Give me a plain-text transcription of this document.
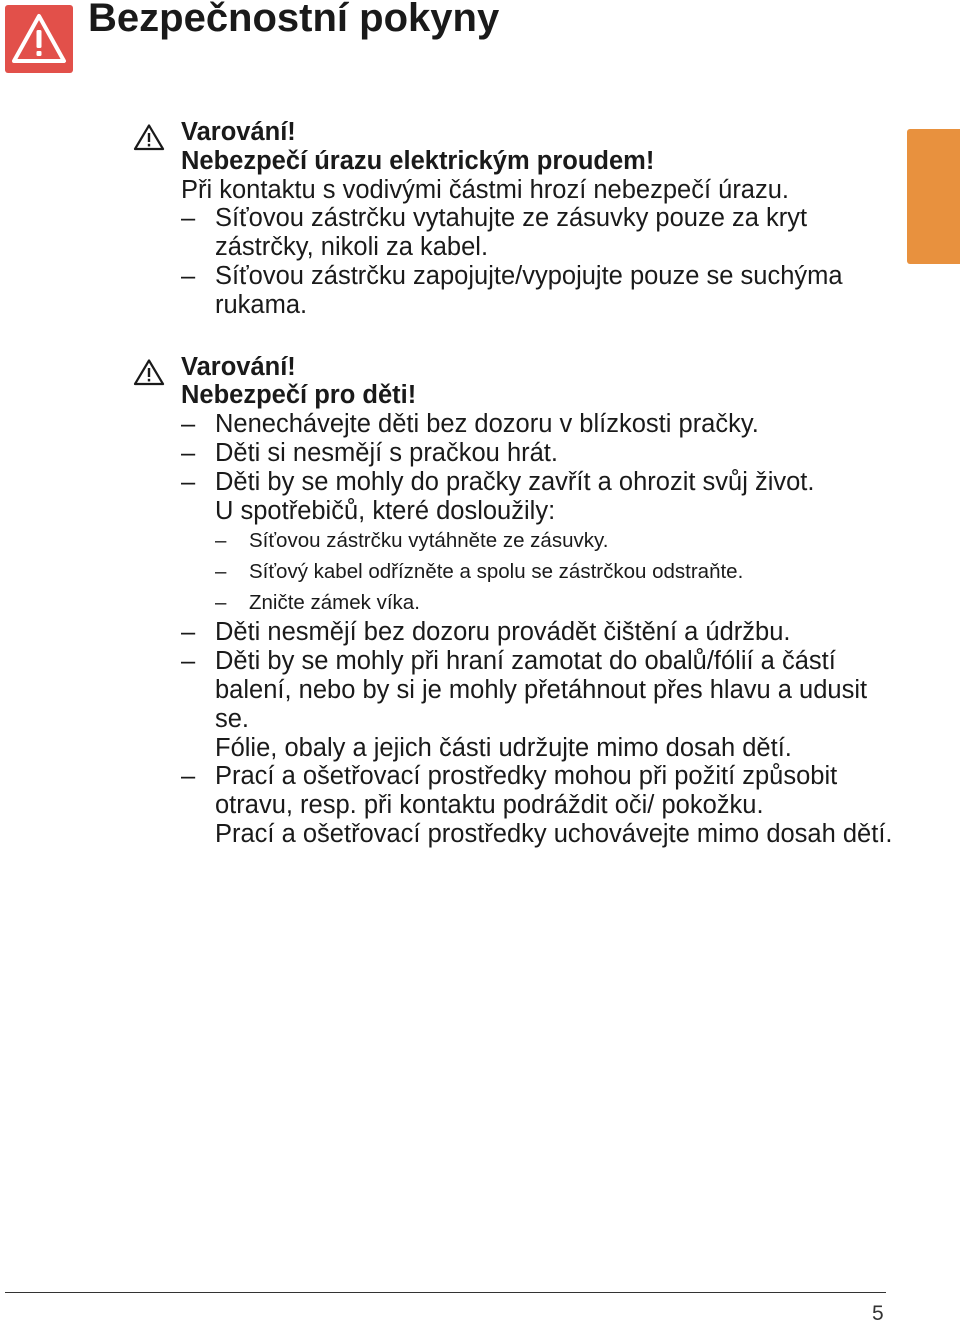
Bezpečnostní pokyny
Varování!
Nebezpečí úrazu elektrickým proudem!
Při kontaktu s vodivými částmi hrozí nebezpečí úrazu.
– Síťovou zástrčku vytahujte ze zásuvky pouze za kryt zástrčky, nikoli za kabel.
– Síťovou zástrčku zapojujte/vypojujte pouze se suchýma rukama.
Varování!
Nebezpečí pro děti!
– Nenechávejte děti bez dozoru v blízkosti pračky.
– Děti si nesmějí s pračkou hrát.
– Děti by se mohly do pračky zavřít a ohrozit svůj život.
U spotřebičů, které dosloužily:
– Síťovou zástrčku vytáhněte ze zásuvky.
– Síťový kabel odřízněte a spolu se zástrčkou odstraňte.
– Zničte zámek víka.
– Děti nesmějí bez dozoru provádět čištění a údržbu.
– Děti by se mohly při hraní zamotat do obalů/fólií a částí balení, nebo by si je mohly přetáhnout přes hlavu a udusit se.
Fólie, obaly a jejich části udržujte mimo dosah dětí.
– Prací a ošetřovací prostředky mohou při požití způsobit otravu, resp. při kontaktu podráždit oči/ pokožku.
Prací a ošetřovací prostředky uchovávejte mimo dosah dětí.
5
